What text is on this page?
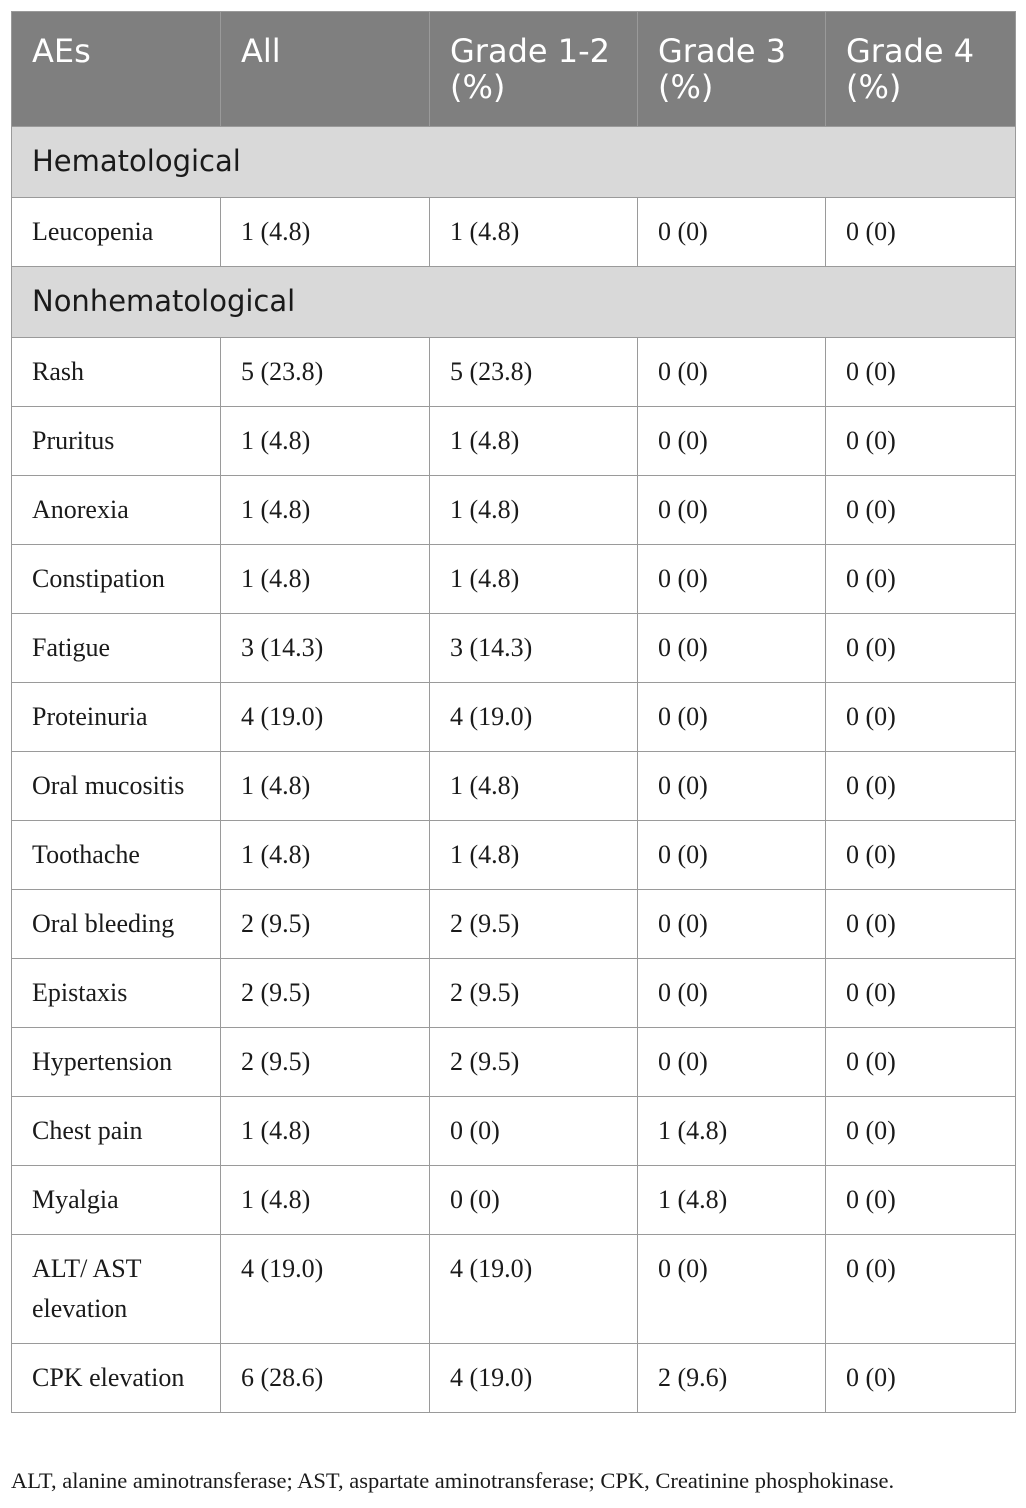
AEs	All	Grade 1-2 (%)	Grade 3 (%)	Grade 4 (%)
Hematological				
Leucopenia	1 (4.8)	1 (4.8)	0 (0)	0 (0)
Nonhematological				
Rash	5 (23.8)	5 (23.8)	0 (0)	0 (0)
Pruritus	1 (4.8)	1 (4.8)	0 (0)	0 (0)
Anorexia	1 (4.8)	1 (4.8)	0 (0)	0 (0)
Constipation	1 (4.8)	1 (4.8)	0 (0)	0 (0)
Fatigue	3 (14.3)	3 (14.3)	0 (0)	0 (0)
Proteinuria	4 (19.0)	4 (19.0)	0 (0)	0 (0)
Oral mucositis	1 (4.8)	1 (4.8)	0 (0)	0 (0)
Toothache	1 (4.8)	1 (4.8)	0 (0)	0 (0)
Oral bleeding	2 (9.5)	2 (9.5)	0 (0)	0 (0)
Epistaxis	2 (9.5)	2 (9.5)	0 (0)	0 (0)
Hypertension	2 (9.5)	2 (9.5)	0 (0)	0 (0)
Chest pain	1 (4.8)	0 (0)	1 (4.8)	0 (0)
Myalgia	1 (4.8)	0 (0)	1 (4.8)	0 (0)
ALT/ AST elevation	4 (19.0)	4 (19.0)	0 (0)	0 (0)
CPK elevation	6 (28.6)	4 (19.0)	2 (9.6)	0 (0)
ALT, alanine aminotransferase; AST, aspartate aminotransferase; CPK, Creatinine phosphokinase.
